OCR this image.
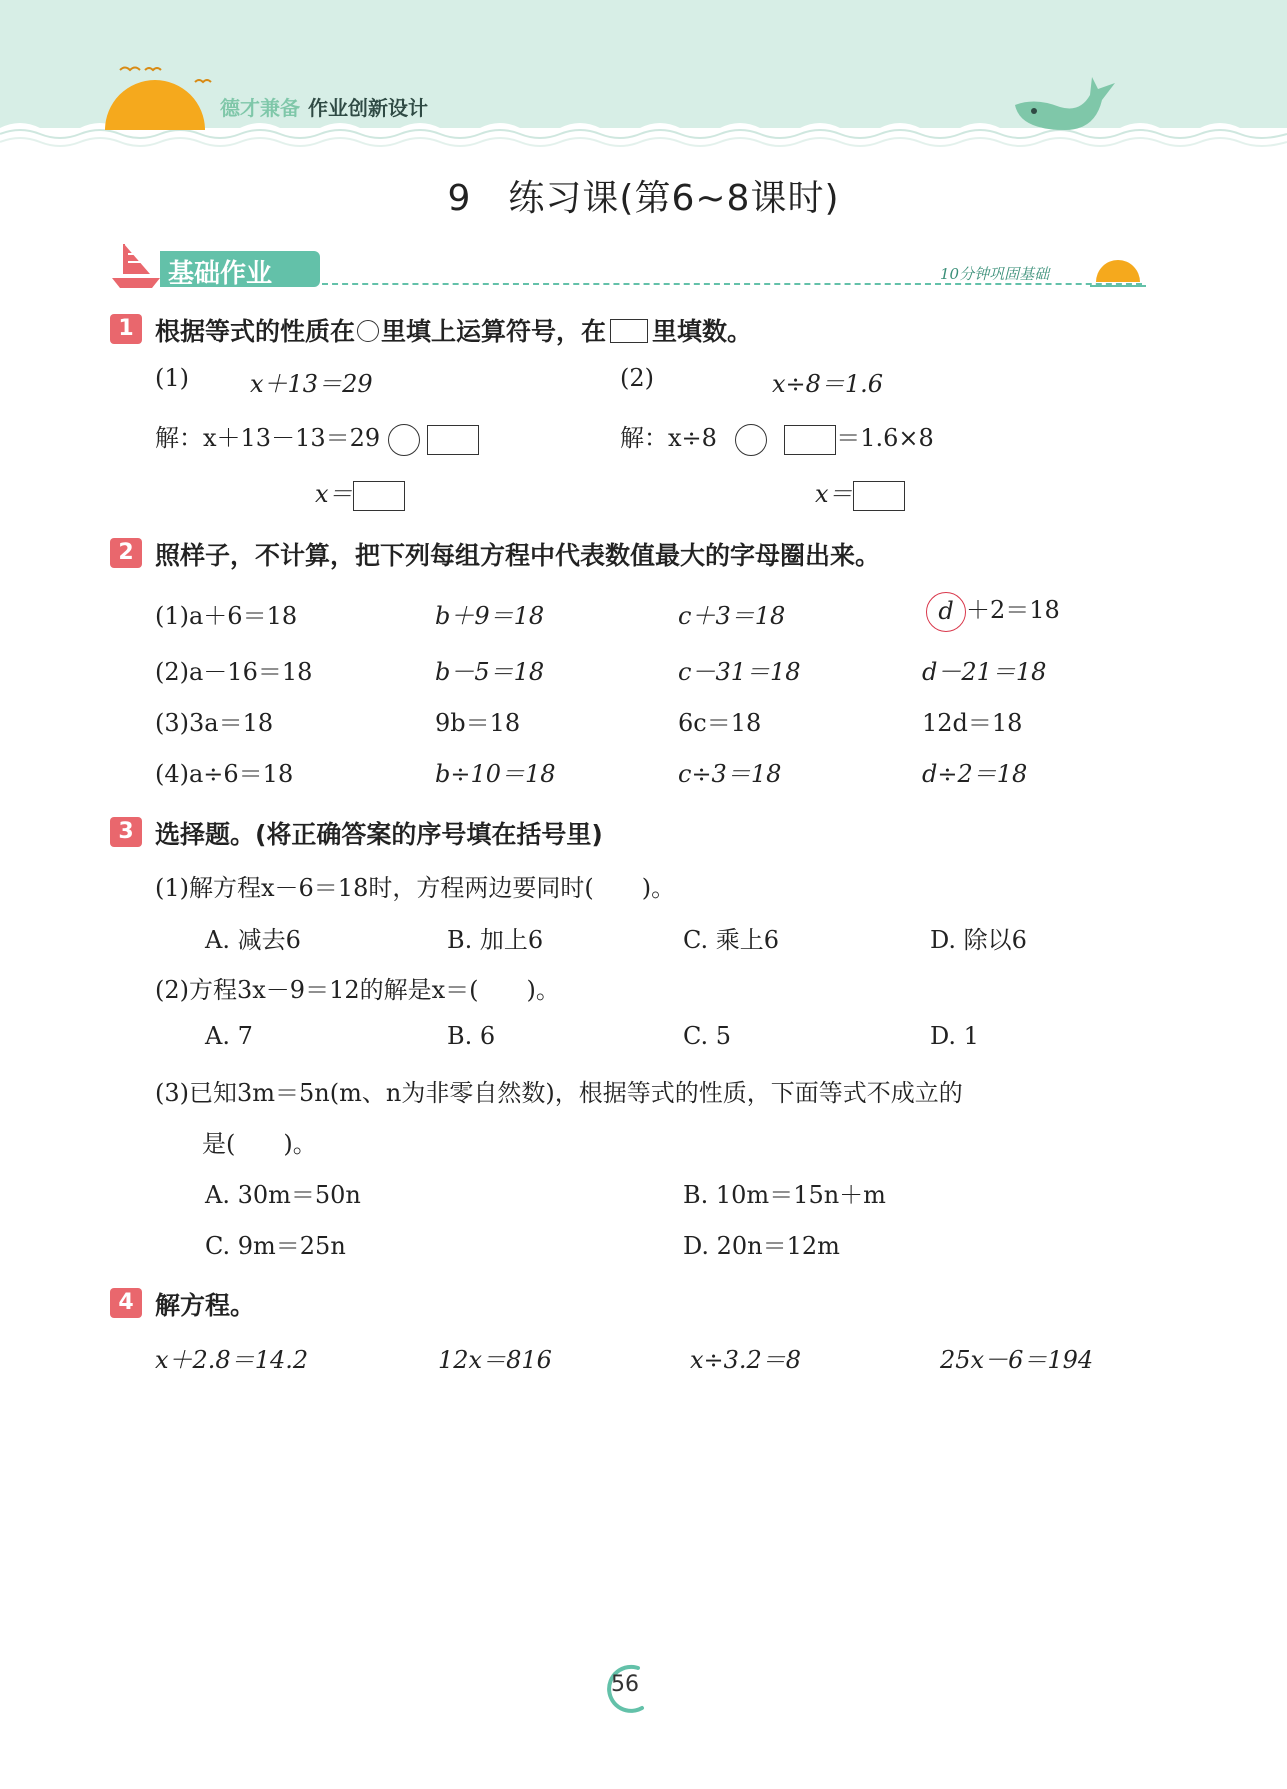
德才兼备 作业创新设计
9　练习课(第6~8课时)
基础作业	10分钟巩固基础
1 根据等式的性质在 里填上运算符号，在 里填数。
(1)	x＋13＝29	(2)	x÷8＝1.6
解：x＋13－13＝29	解：x÷8	＝1.6×8
x＝	x＝
2 照样子，不计算，把下列每组方程中代表数值最大的字母圈出来。
(1)a＋6＝18	b＋9＝18	c＋3＝18	d ＋2＝18
(2)a－16＝18	b－5＝18	c－31＝18	d－21＝18
(3)3a＝18	9b＝18	6c＝18	12d＝18
(4)a÷6＝18	b÷10＝18	c÷3＝18	d÷2＝18
3 选择题。(将正确答案的序号填在括号里)
(1)解方程x－6＝18时，方程两边要同时(　　)。
A. 减去6	B. 加上6	C. 乘上6	D. 除以6
(2)方程3x－9＝12的解是x＝(　　)。
A. 7	B. 6	C. 5	D. 1
(3)已知3m＝5n(m、n为非零自然数)，根据等式的性质，下面等式不成立的
是(　　)。
A. 30m＝50n	B. 10m＝15n＋m
C. 9m＝25n	D. 20n＝12m
4 解方程。
x＋2.8＝14.2	12x＝816	x÷3.2＝8	25x－6＝194
56
